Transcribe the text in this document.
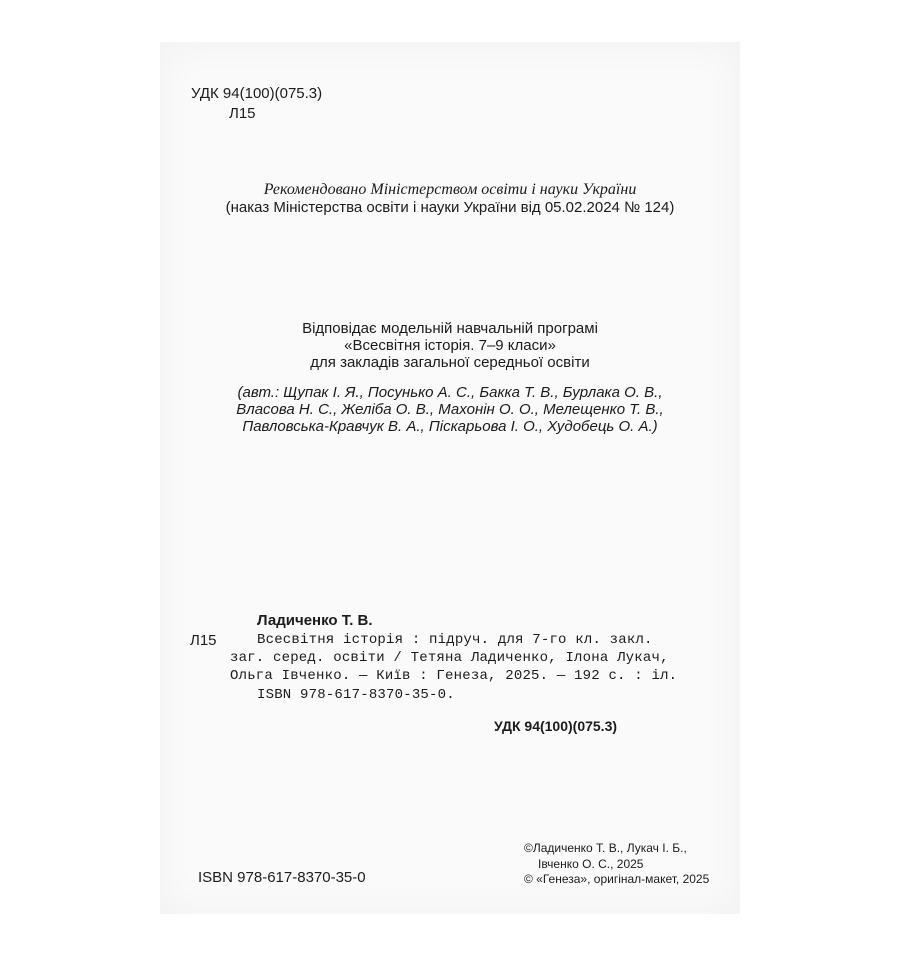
УДК 94(100)(075.3)
Л15
Рекомендовано Міністерством освіти і науки України
(наказ Міністерства освіти і науки України від 05.02.2024 № 124)
Відповідає модельній навчальній програмі
«Всесвітня історія. 7–9 класи»
для закладів загальної середньої освіти
(авт.: Щупак І. Я., Посунько А. С., Бакка Т. В., Бурлака О. В.,
Власова Н. С., Желіба О. В., Махонін О. О., Мелещенко Т. В.,
Павловська-Кравчук В. А., Піскарьова І. О., Худобець О. А.)
Ладиченко Т. В.
Л15	Всесвітня історія : підруч. для 7-го кл. закл.
заг. серед. освіти / Тетяна Ладиченко, Ілона Лукач,
Ольга Івченко. — Київ : Генеза, 2025. — 192 с. : іл.
ISBN 978-617-8370-35-0.
УДК 94(100)(075.3)
ISBN 978-617-8370-35-0
©Ладиченко Т. В., Лукач І. Б.,
Івченко О. С., 2025
© «Генеза», оригінал-макет, 2025
